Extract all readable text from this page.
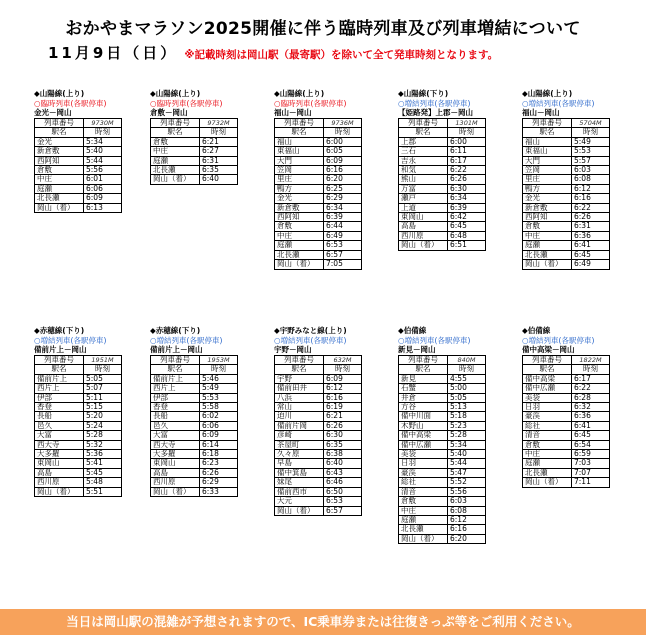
おかやまマラソン2025開催に伴う臨時列車及び列車増結について
11月9日（日） ※記載時刻は岡山駅（最寄駅）を除いて全て発車時刻となります。
◆山陽線(上り)
○臨時列車(各駅停車)
金光－岡山
列車番号	9730M
駅名	時刻
金光	5:34
新倉敷	5:40
西阿知	5:44
倉敷	5:56
中庄	6:01
庭瀬	6:06
北長瀬	6:09
岡山（着）	6:13
◆山陽線(上り)
○臨時列車(各駅停車)
倉敷－岡山
列車番号	9732M
駅名	時刻
倉敷	6:21
中庄	6:27
庭瀬	6:31
北長瀬	6:35
岡山（着）	6:40
◆山陽線(上り)
○臨時列車(各駅停車)
福山－岡山
列車番号	9736M
駅名	時刻
福山	6:00
東福山	6:05
大門	6:09
笠岡	6:16
里庄	6:20
鴨方	6:25
金光	6:29
新倉敷	6:34
西阿知	6:39
倉敷	6:44
中庄	6:49
庭瀬	6:53
北長瀬	6:57
岡山（着）	7:05
◆山陽線(下り)
○増結列車(各駅停車)
【姫路発】上郡－岡山
列車番号	1301M
駅名	時刻
上郡	6:00
三石	6:11
吉永	6:17
和気	6:22
熊山	6:26
万富	6:30
瀬戸	6:34
上道	6:39
東岡山	6:42
高島	6:45
西川原	6:48
岡山（着）	6:51
◆山陽線(上り)
○増結列車(各駅停車)
福山－岡山
列車番号	5704M
駅名	時刻
福山	5:49
東福山	5:53
大門	5:57
笠岡	6:03
里庄	6:08
鴨方	6:12
金光	6:16
新倉敷	6:22
西阿知	6:26
倉敷	6:31
中庄	6:36
庭瀬	6:41
北長瀬	6:45
岡山（着）	6:49
◆赤穂線(下り)
○増結列車(各駅停車)
備前片上－岡山
列車番号	1951M
駅名	時刻
備前片上	5:05
西片上	5:07
伊部	5:11
香登	5:15
長船	5:20
邑久	5:24
大富	5:28
西大寺	5:32
大多羅	5:36
東岡山	5:41
高島	5:45
西川原	5:48
岡山（着）	5:51
◆赤穂線(下り)
○増結列車(各駅停車)
備前片上－岡山
列車番号	1953M
駅名	時刻
備前片上	5:46
西片上	5:49
伊部	5:53
香登	5:58
長船	6:02
邑久	6:06
大富	6:09
西大寺	6:14
大多羅	6:18
東岡山	6:23
高島	6:26
西川原	6:29
岡山（着）	6:33
◆宇野みなと線(上り)
○増結列車(各駅停車)
宇野－岡山
列車番号	632M
駅名	時刻
宇野	6:09
備前田井	6:12
八浜	6:16
常山	6:19
迫川	6:21
備前片岡	6:26
彦崎	6:30
茶屋町	6:35
久々原	6:38
早島	6:40
備中箕島	6:43
妹尾	6:46
備前西市	6:50
大元	6:53
岡山（着）	6:57
◆伯備線
○増結列車(各駅停車)
新見－岡山
列車番号	840M
駅名	時刻
新見	4:55
石蟹	5:00
井倉	5:05
方谷	5:13
備中川面	5:18
木野山	5:23
備中高梁	5:28
備中広瀬	5:34
美袋	5:40
日羽	5:44
豪渓	5:47
総社	5:52
清音	5:56
倉敷	6:03
中庄	6:08
庭瀬	6:12
北長瀬	6:16
岡山（着）	6:20
◆伯備線
○増結列車(各駅停車)
備中高梁－岡山
列車番号	1822M
駅名	時刻
備中高梁	6:17
備中広瀬	6:22
美袋	6:28
日羽	6:32
豪渓	6:36
総社	6:41
清音	6:45
倉敷	6:54
中庄	6:59
庭瀬	7:03
北長瀬	7:07
岡山（着）	7:11
当日は岡山駅の混雑が予想されますので、IC乗車券または往復きっぷ等をご利用ください。
